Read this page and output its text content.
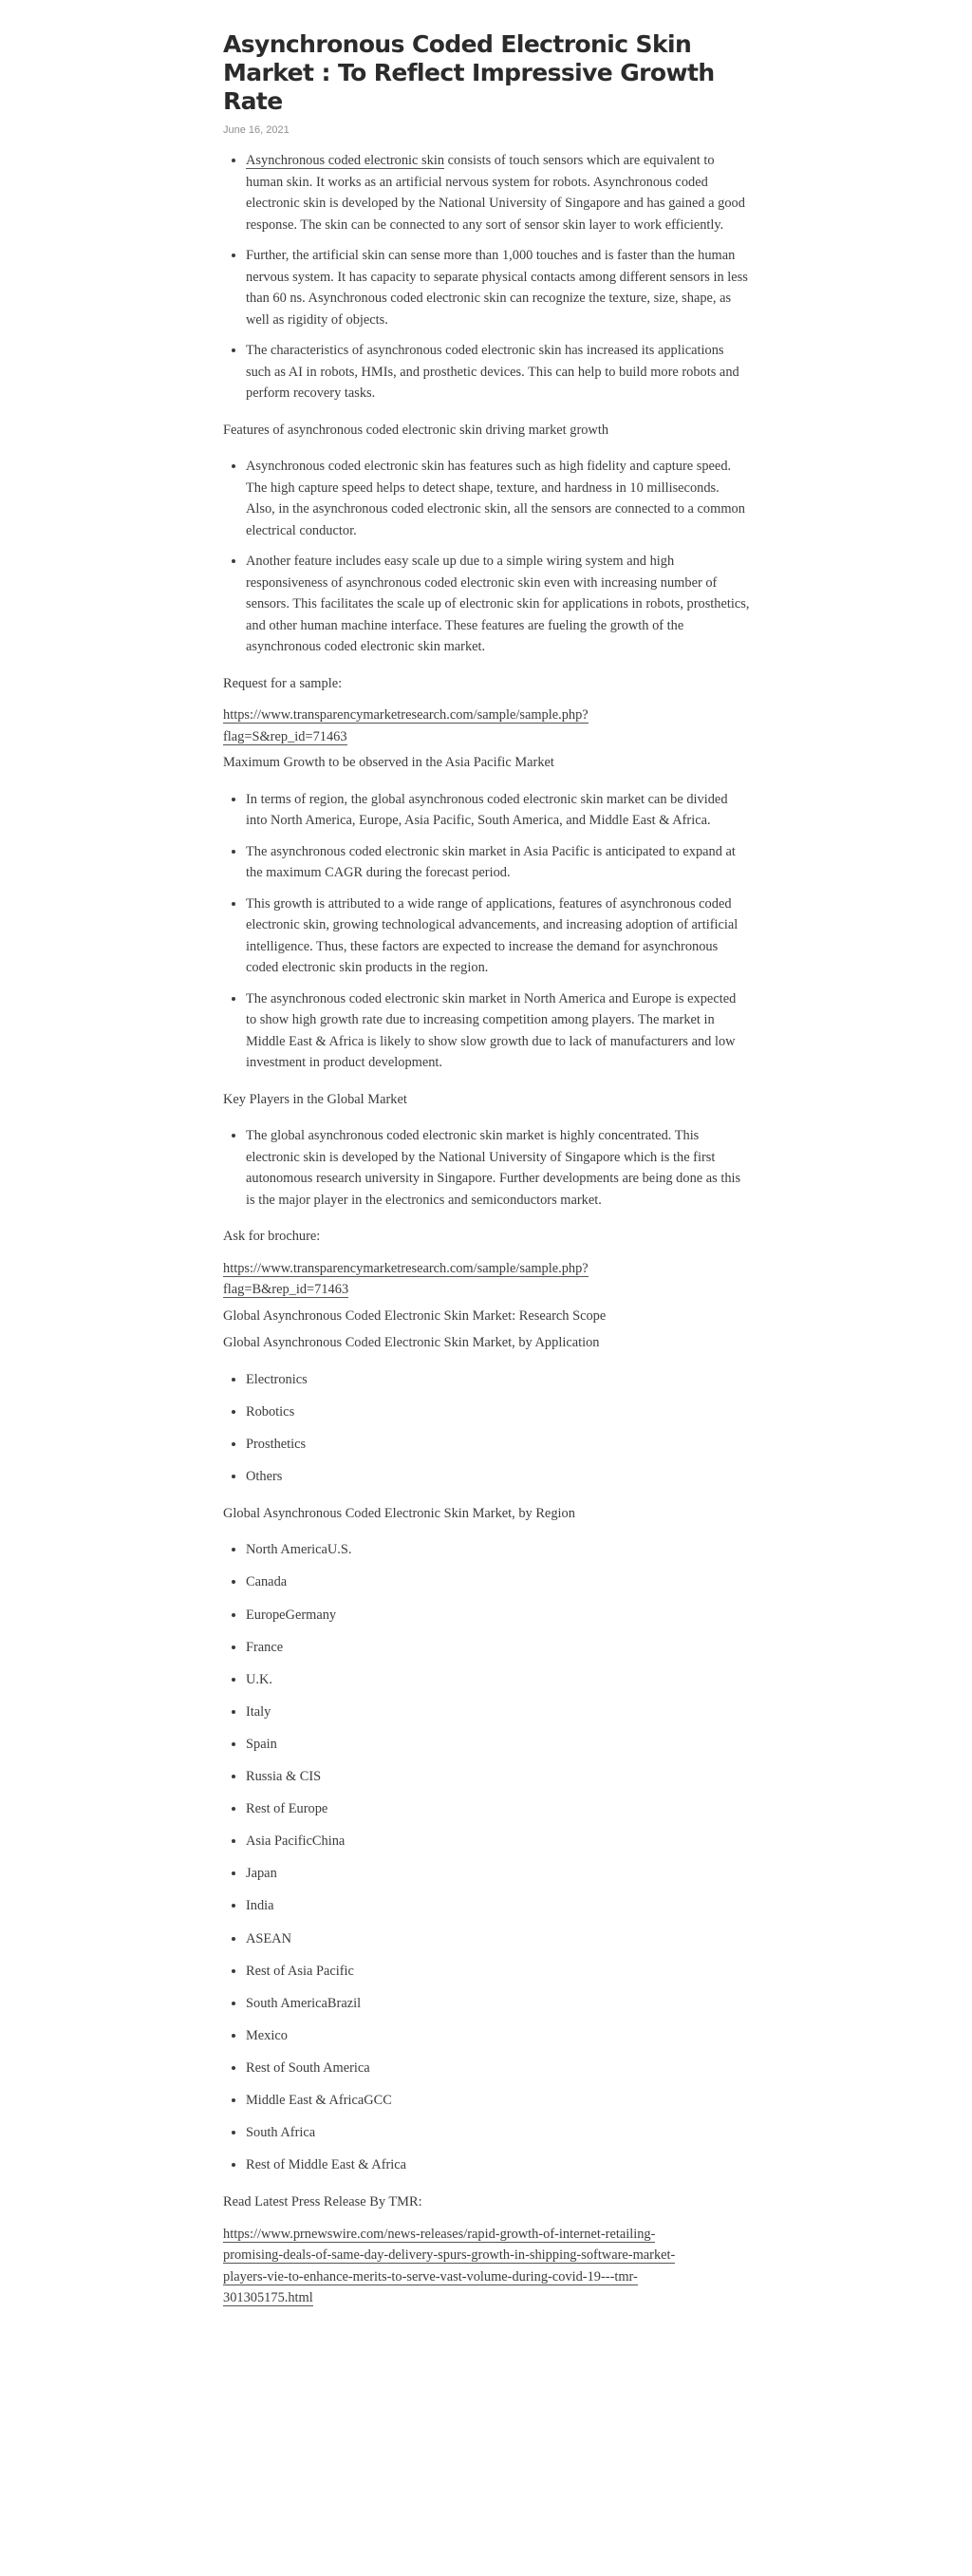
Asynchronous Coded Electronic Skin Market : To Reflect Impressive Growth Rate
June 16, 2021
• Asynchronous coded electronic skin consists of touch sensors which are equivalent to human skin. It works as an artificial nervous system for robots. Asynchronous coded electronic skin is developed by the National University of Singapore and has gained a good response. The skin can be connected to any sort of sensor skin layer to work efficiently.
• Further, the artificial skin can sense more than 1,000 touches and is faster than the human nervous system. It has capacity to separate physical contacts among different sensors in less than 60 ns. Asynchronous coded electronic skin can recognize the texture, size, shape, as well as rigidity of objects.
• The characteristics of asynchronous coded electronic skin has increased its applications such as AI in robots, HMIs, and prosthetic devices. This can help to build more robots and perform recovery tasks.

Features of asynchronous coded electronic skin driving market growth

• Asynchronous coded electronic skin has features such as high fidelity and capture speed. The high capture speed helps to detect shape, texture, and hardness in 10 milliseconds. Also, in the asynchronous coded electronic skin, all the sensors are connected to a common electrical conductor.
• Another feature includes easy scale up due to a simple wiring system and high responsiveness of asynchronous coded electronic skin even with increasing number of sensors. This facilitates the scale up of electronic skin for applications in robots, prosthetics, and other human machine interface. These features are fueling the growth of the asynchronous coded electronic skin market.

Request for a sample:

https://www.transparencymarketresearch.com/sample/sample.php?
flag=S&rep_id=71463

Maximum Growth to be observed in the Asia Pacific Market

• In terms of region, the global asynchronous coded electronic skin market can be divided into North America, Europe, Asia Pacific, South America, and Middle East & Africa.
• The asynchronous coded electronic skin market in Asia Pacific is anticipated to expand at the maximum CAGR during the forecast period.
• This growth is attributed to a wide range of applications, features of asynchronous coded electronic skin, growing technological advancements, and increasing adoption of artificial intelligence. Thus, these factors are expected to increase the demand for asynchronous coded electronic skin products in the region.
• The asynchronous coded electronic skin market in North America and Europe is expected to show high growth rate due to increasing competition among players. The market in Middle East & Africa is likely to show slow growth due to lack of manufacturers and low investment in product development.

Key Players in the Global Market

• The global asynchronous coded electronic skin market is highly concentrated. This electronic skin is developed by the National University of Singapore which is the first autonomous research university in Singapore. Further developments are being done as this is the major player in the electronics and semiconductors market.

Ask for brochure:

https://www.transparencymarketresearch.com/sample/sample.php?
flag=B&rep_id=71463

Global Asynchronous Coded Electronic Skin Market: Research Scope

Global Asynchronous Coded Electronic Skin Market, by Application

• Electronics
• Robotics
• Prosthetics
• Others

Global Asynchronous Coded Electronic Skin Market, by Region

• North AmericaU.S.
• Canada
• EuropeGermany
• France
• U.K.
• Italy
• Spain
• Russia & CIS
• Rest of Europe
• Asia PacificChina
• Japan
• India
• ASEAN
• Rest of Asia Pacific
• South AmericaBrazil
• Mexico
• Rest of South America
• Middle East & AfricaGCC
• South Africa
• Rest of Middle East & Africa

Read Latest Press Release By TMR:

https://www.prnewswire.com/news-releases/rapid-growth-of-internet-retailing-
promising-deals-of-same-day-delivery-spurs-growth-in-shipping-software-market-
players-vie-to-enhance-merits-to-serve-vast-volume-during-covid-19---tmr-
301305175.html
